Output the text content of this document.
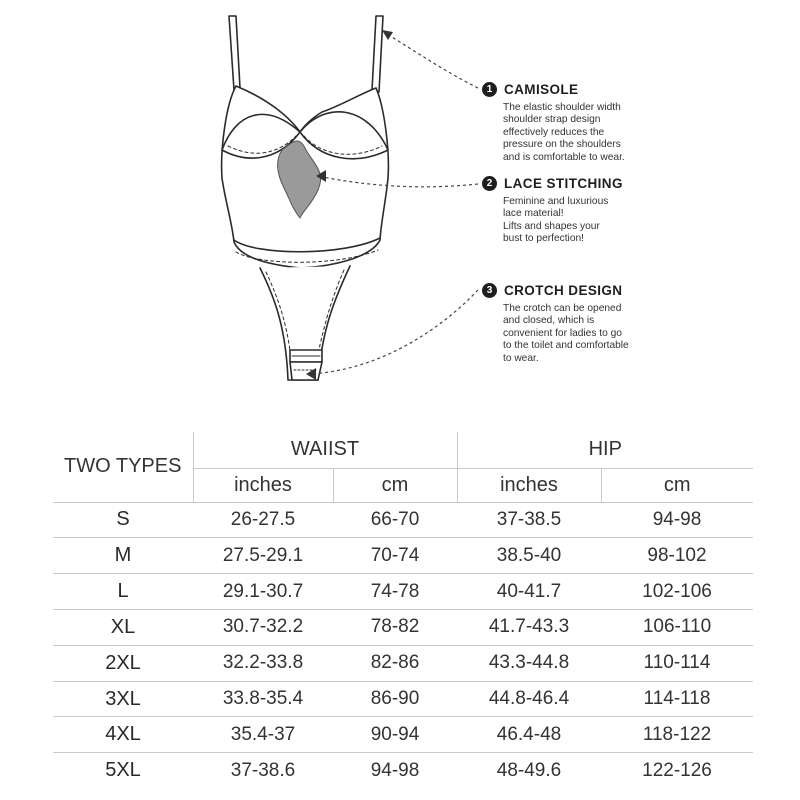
1 CAMISOLE
The elastic shoulder width
shoulder strap design
effectively reduces the
pressure on the shoulders
and is comfortable to wear.
2 LACE STITCHING
Feminine and luxurious
lace material!
Lifts and shapes your
bust to perfection!
3 CROTCH DESIGN
The crotch can be opened
and closed, which is
convenient for ladies to go
to the toilet and comfortable
to wear.
TWO TYPES	WAIIST		HIP	
	inches	cm	inches	cm
S	26-27.5	66-70	37-38.5	94-98
M	27.5-29.1	70-74	38.5-40	98-102
L	29.1-30.7	74-78	40-41.7	102-106
XL	30.7-32.2	78-82	41.7-43.3	106-110
2XL	32.2-33.8	82-86	43.3-44.8	110-114
3XL	33.8-35.4	86-90	44.8-46.4	114-118
4XL	35.4-37	90-94	46.4-48	118-122
5XL	37-38.6	94-98	48-49.6	122-126
